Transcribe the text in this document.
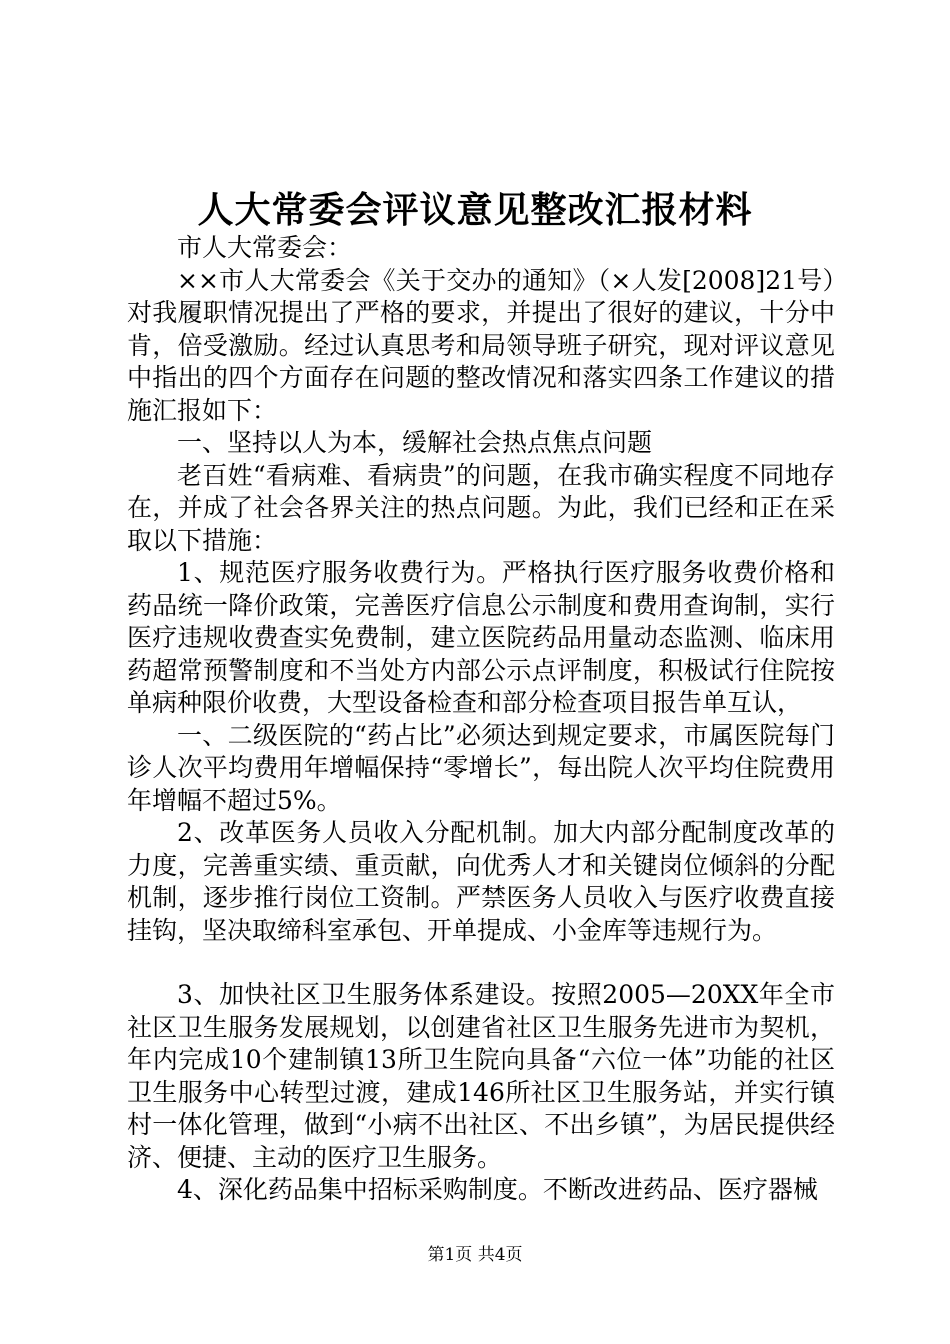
人大常委会评议意见整改汇报材料

市人大常委会：

××市人大常委会《关于交办的通知》（×人发[2008]21号）对我履职情况提出了严格的要求，并提出了很好的建议，十分中肯，倍受激励。经过认真思考和局领导班子研究，现对评议意见中指出的四个方面存在问题的整改情况和落实四条工作建议的措施汇报如下：

一、坚持以人为本，缓解社会热点焦点问题

老百姓“看病难、看病贵”的问题，在我市确实程度不同地存在，并成了社会各界关注的热点问题。为此，我们已经和正在采取以下措施：

1、规范医疗服务收费行为。严格执行医疗服务收费价格和药品统一降价政策，完善医疗信息公示制度和费用查询制，实行医疗违规收费查实免费制，建立医院药品用量动态监测、临床用药超常预警制度和不当处方内部公示点评制度，积极试行住院按单病种限价收费，大型设备检查和部分检查项目报告单互认，

一、二级医院的“药占比”必须达到规定要求，市属医院每门诊人次平均费用年增幅保持“零增长”，每出院人次平均住院费用年增幅不超过5%。

2、改革医务人员收入分配机制。加大内部分配制度改革的力度，完善重实绩、重贡献，向优秀人才和关键岗位倾斜的分配机制，逐步推行岗位工资制。严禁医务人员收入与医疗收费直接挂钩，坚决取缔科室承包、开单提成、小金库等违规行为。

3、加快社区卫生服务体系建设。按照2005—20XX年全市社区卫生服务发展规划，以创建省社区卫生服务先进市为契机，年内完成10个建制镇13所卫生院向具备“六位一体”功能的社区卫生服务中心转型过渡，建成146所社区卫生服务站，并实行镇村一体化管理，做到“小病不出社区、不出乡镇”，为居民提供经济、便捷、主动的医疗卫生服务。

4、深化药品集中招标采购制度。不断改进药品、医疗器械

第1页 共4页
